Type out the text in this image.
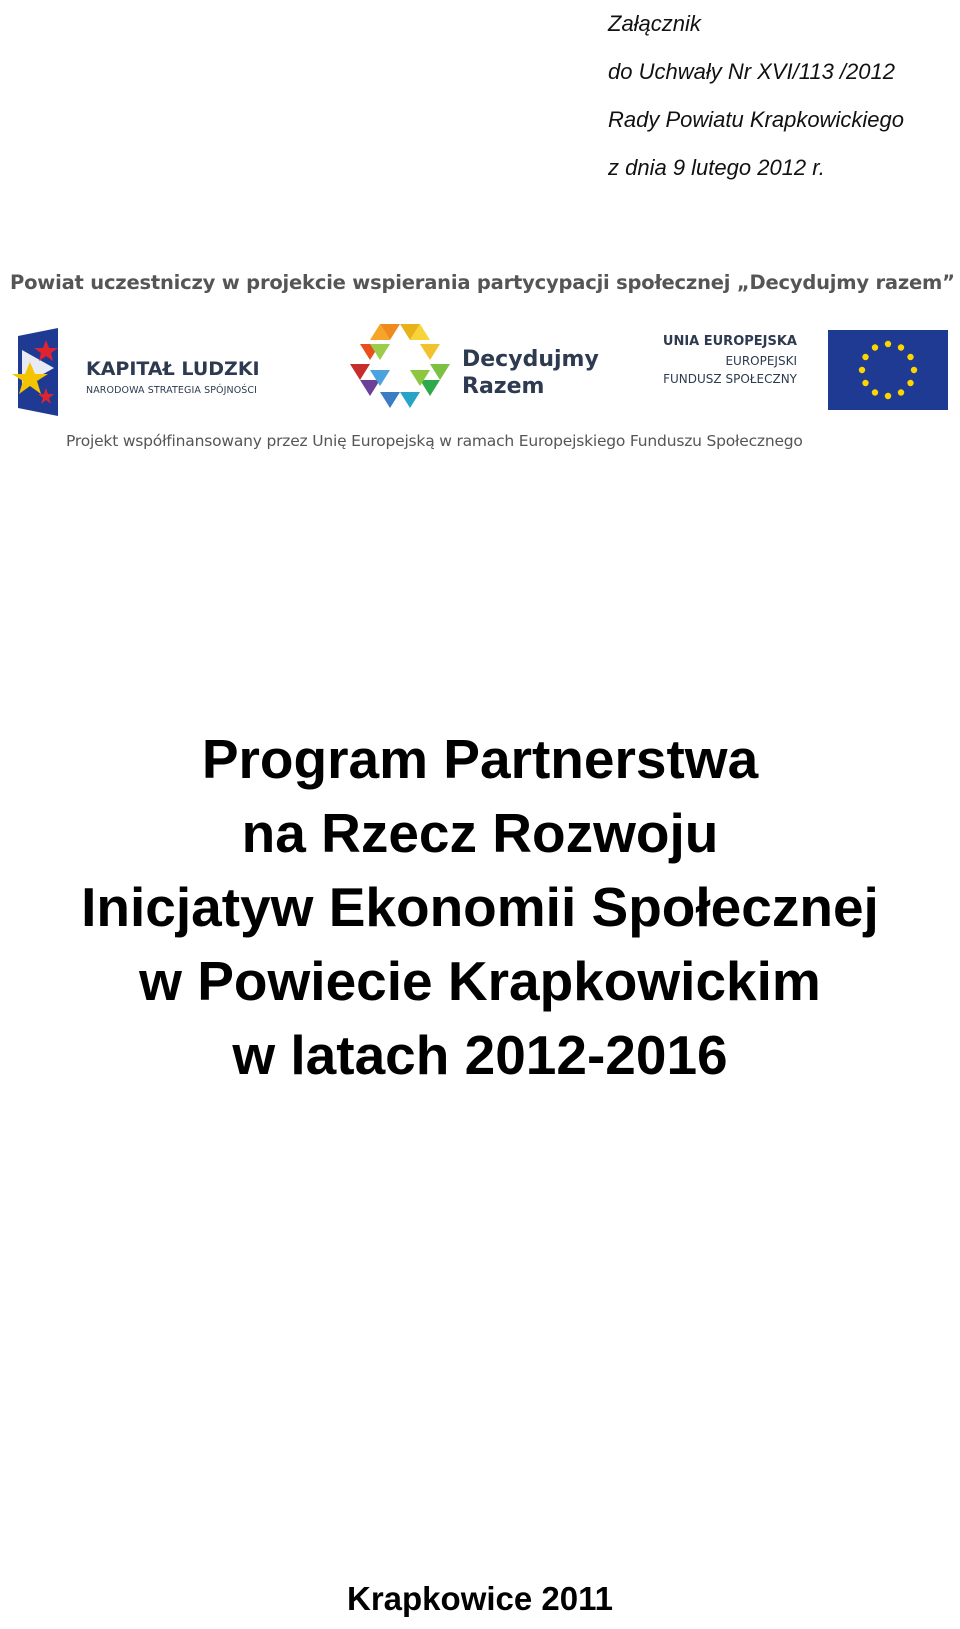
Załącznik
do Uchwały Nr XVI/113 /2012
Rady Powiatu Krapkowickiego
z dnia 9 lutego 2012 r.
Powiat uczestniczy w projekcie wspierania partycypacji społecznej „Decydujmy razem”
KAPITAŁ LUDZKI
NARODOWA STRATEGIA SPÓJNOŚCI
Decydujmy
Razem
UNIA EUROPEJSKA
EUROPEJSKI
FUNDUSZ SPOŁECZNY
Projekt współfinansowany przez Unię Europejską w ramach Europejskiego Funduszu Społecznego
Program Partnerstwa
na Rzecz Rozwoju
Inicjatyw Ekonomii Społecznej
w Powiecie Krapkowickim
w latach 2012-2016
Krapkowice 2011
